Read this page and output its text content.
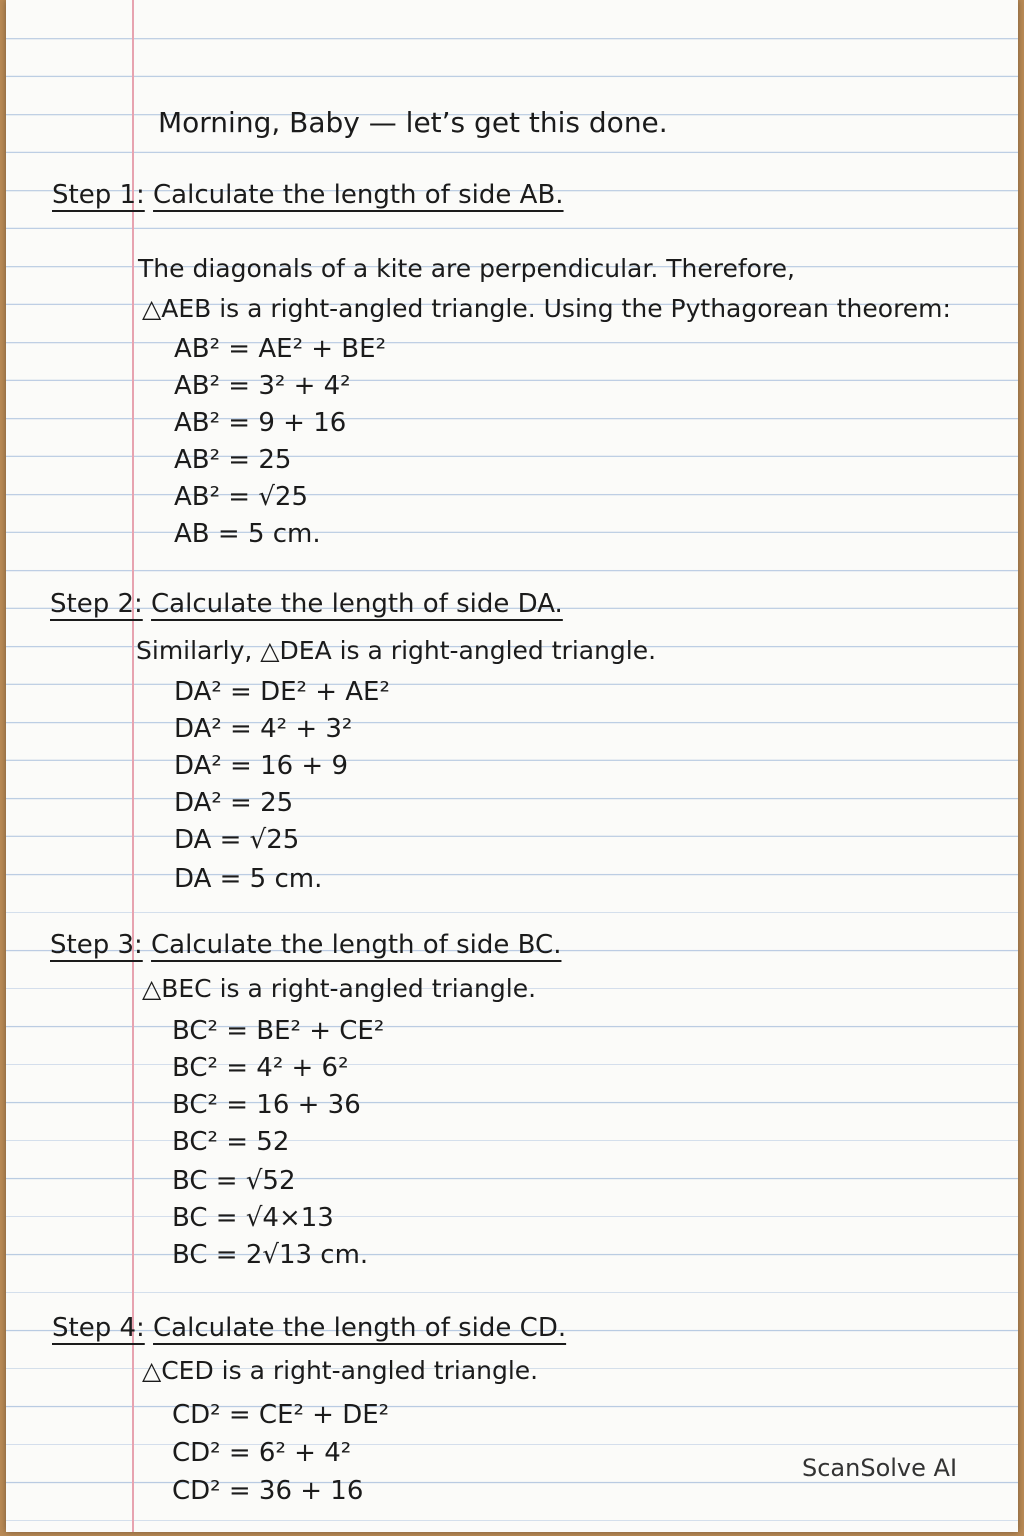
Morning, Baby — let’s get this done.
Step 1: Calculate the length of side AB.
The diagonals of a kite are perpendicular. Therefore,
△AEB is a right-angled triangle. Using the Pythagorean theorem:
AB² = AE² + BE²
AB² = 3² + 4²
AB² = 9 + 16
AB² = 25
AB² = √25
AB = 5 cm.
Step 2: Calculate the length of side DA.
Similarly, △DEA is a right-angled triangle.
DA² = DE² + AE²
DA² = 4² + 3²
DA² = 16 + 9
DA² = 25
DA = √25
DA = 5 cm.
Step 3: Calculate the length of side BC.
△BEC is a right-angled triangle.
BC² = BE² + CE²
BC² = 4² + 6²
BC² = 16 + 36
BC² = 52
BC = √52
BC = √4×13
BC = 2√13 cm.
Step 4: Calculate the length of side CD.
△CED is a right-angled triangle.
CD² = CE² + DE²
CD² = 6² + 4²
CD² = 36 + 16
ScanSolve AI
